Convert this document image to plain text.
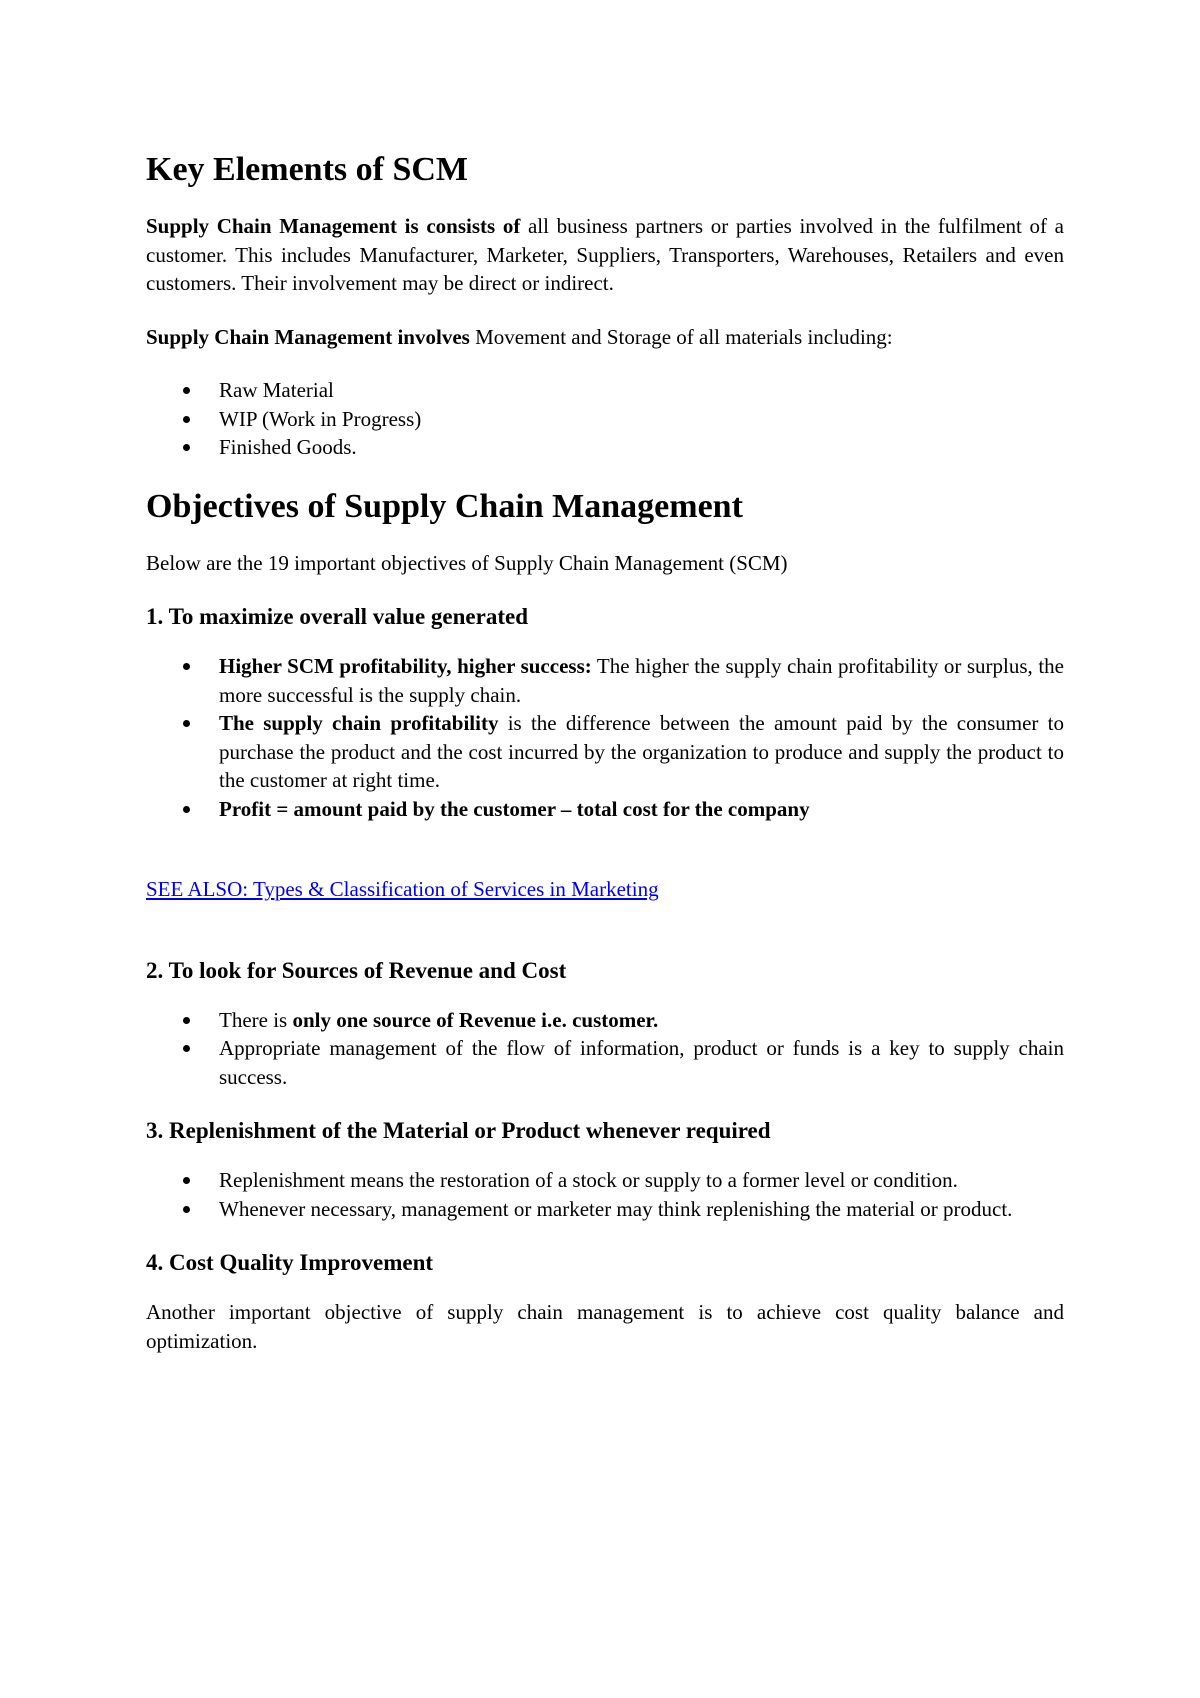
Key Elements of SCM

Supply Chain Management is consists of all business partners or parties involved in the fulfilment of a customer. This includes Manufacturer, Marketer, Suppliers, Transporters, Warehouses, Retailers and even customers. Their involvement may be direct or indirect.

Supply Chain Management involves Movement and Storage of all materials including:

Raw Material
WIP (Work in Progress)
Finished Goods.
Objectives of Supply Chain Management

Below are the 19 important objectives of Supply Chain Management (SCM)

1. To maximize overall value generated
Higher SCM profitability, higher success: The higher the supply chain profitability or surplus, the more successful is the supply chain.
The supply chain profitability is the difference between the amount paid by the consumer to purchase the product and the cost incurred by the organization to produce and supply the product to the customer at right time.
Profit = amount paid by the customer – total cost for the company

SEE ALSO: Types & Classification of Services in Marketing

2. To look for Sources of Revenue and Cost
There is only one source of Revenue i.e. customer.
Appropriate management of the flow of information, product or funds is a key to supply chain success.
3. Replenishment of the Material or Product whenever required
Replenishment means the restoration of a stock or supply to a former level or condition.
Whenever necessary, management or marketer may think replenishing the material or product.
4. Cost Quality Improvement

Another important objective of supply chain management is to achieve cost quality balance and optimization.
